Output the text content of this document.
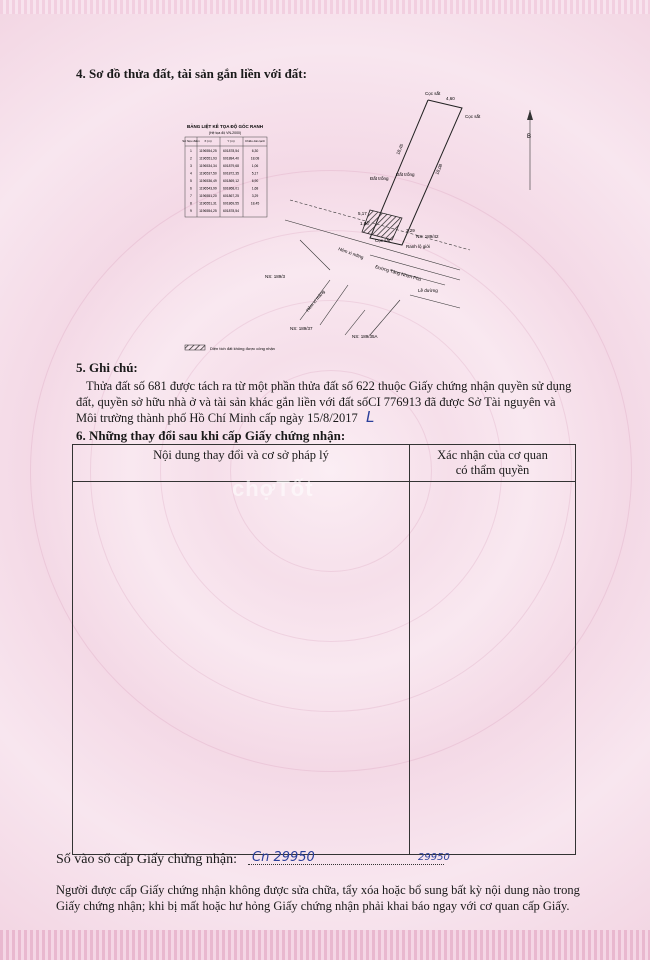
4. Sơ đồ thửa đất, tài sản gắn liền với đất:
BẢNG LIỆT KÊ TỌA ĐỘ GÓC RANH
(Hệ tọa độ VN-2000)
Số hiệu điểm X (m)	Y (m)	Chiều dài cạnh
1 1196554,25 601878,54	6,30
2 1196551,93 601884,40	18,08
3 1196534,34 601879,68	1,06
4 1196537,50 601872,35	5,17
5 1196536,49 601869,12	6,90
6 1196543,99 601868,01	1,68
7 1196551,20 601867,25	3,29
8 1196551,31 601869,55	18,45
9 1196554,25 601878,54
Cọc sắt
Cọc sắt
Cọc sắt
4,60
18,08
18,45
5,17
1,06
3,29
Đất trống
Đất trống
NS: 189/42
Ranh lộ giới
Hẻm xi măng
Đường Tăng Nhơn Phú
NS: 189/3
Hẻm xi măng	Lề đường
NS: 189/37
NS: 189/35A
B
Diện tích đất không được công nhận
5. Ghi chú:
Thửa đất số 681 được tách ra từ một phần thửa đất số 622 thuộc Giấy chứng nhận quyền sử dụng
đất, quyền sở hữu nhà ở và tài sản khác gắn liền với đất sốCI 776913 đã được Sở Tài nguyên và
Môi trường thành phố Hồ Chí Minh cấp ngày 15/8/2017 L
6. Những thay đổi sau khi cấp Giấy chứng nhận:
Nội dung thay đổi và cơ sở pháp lý	Xác nhận của cơ quan
có thẩm quyền

chợTốt
Số vào sổ cấp Giấy chứng nhận: Cn 29950	29950
Người được cấp Giấy chứng nhận không được sửa chữa, tẩy xóa hoặc bổ sung bất kỳ nội dung nào trong
Giấy chứng nhận; khi bị mất hoặc hư hỏng Giấy chứng nhận phải khai báo ngay với cơ quan cấp Giấy.
